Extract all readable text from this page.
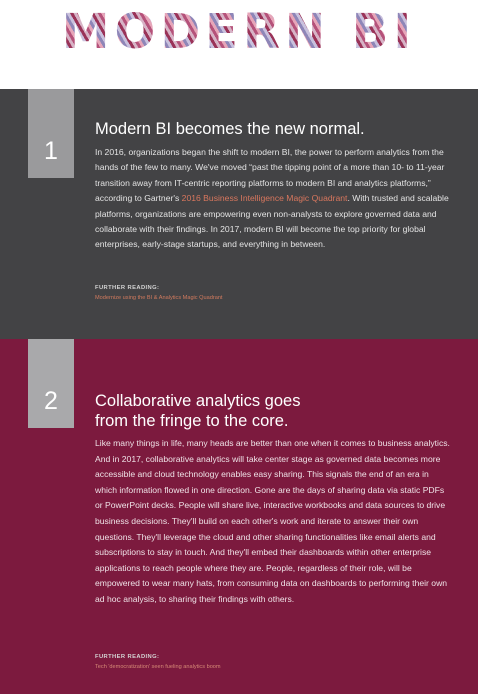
MODERN BI
1
Modern BI becomes the new normal.

In 2016, organizations began the shift to modern BI, the power to perform analytics from the hands of the few to many. We've moved “past the tipping point of a more than 10- to 11-year transition away from IT-centric reporting platforms to modern BI and analytics platforms,” according to Gartner's 2016 Business Intelligence Magic Quadrant. With trusted and scalable platforms, organizations are empowering even non-analysts to explore governed data and collaborate with their findings. In 2017, modern BI will become the top priority for global enterprises, early-stage startups, and everything in between.

FURTHER READING:
Modernize using the BI & Analytics Magic Quadrant
2 Collaborative analytics goes from the fringe to the core.

Like many things in life, many heads are better than one when it comes to business analytics. And in 2017, collaborative analytics will take center stage as governed data becomes more accessible and cloud technology enables easy sharing. This signals the end of an era in which information flowed in one direction. Gone are the days of sharing data via static PDFs or PowerPoint decks. People will share live, interactive workbooks and data sources to drive business decisions. They'll build on each other's work and iterate to answer their own questions. They'll leverage the cloud and other sharing functionalities like email alerts and subscriptions to stay in touch. And they'll embed their dashboards within other enterprise applications to reach people where they are. People, regardless of their role, will be empowered to wear many hats, from consuming data on dashboards to performing their own ad hoc analysis, to sharing their findings with others.

FURTHER READING:
Tech 'democratization' seen fueling analytics boom
